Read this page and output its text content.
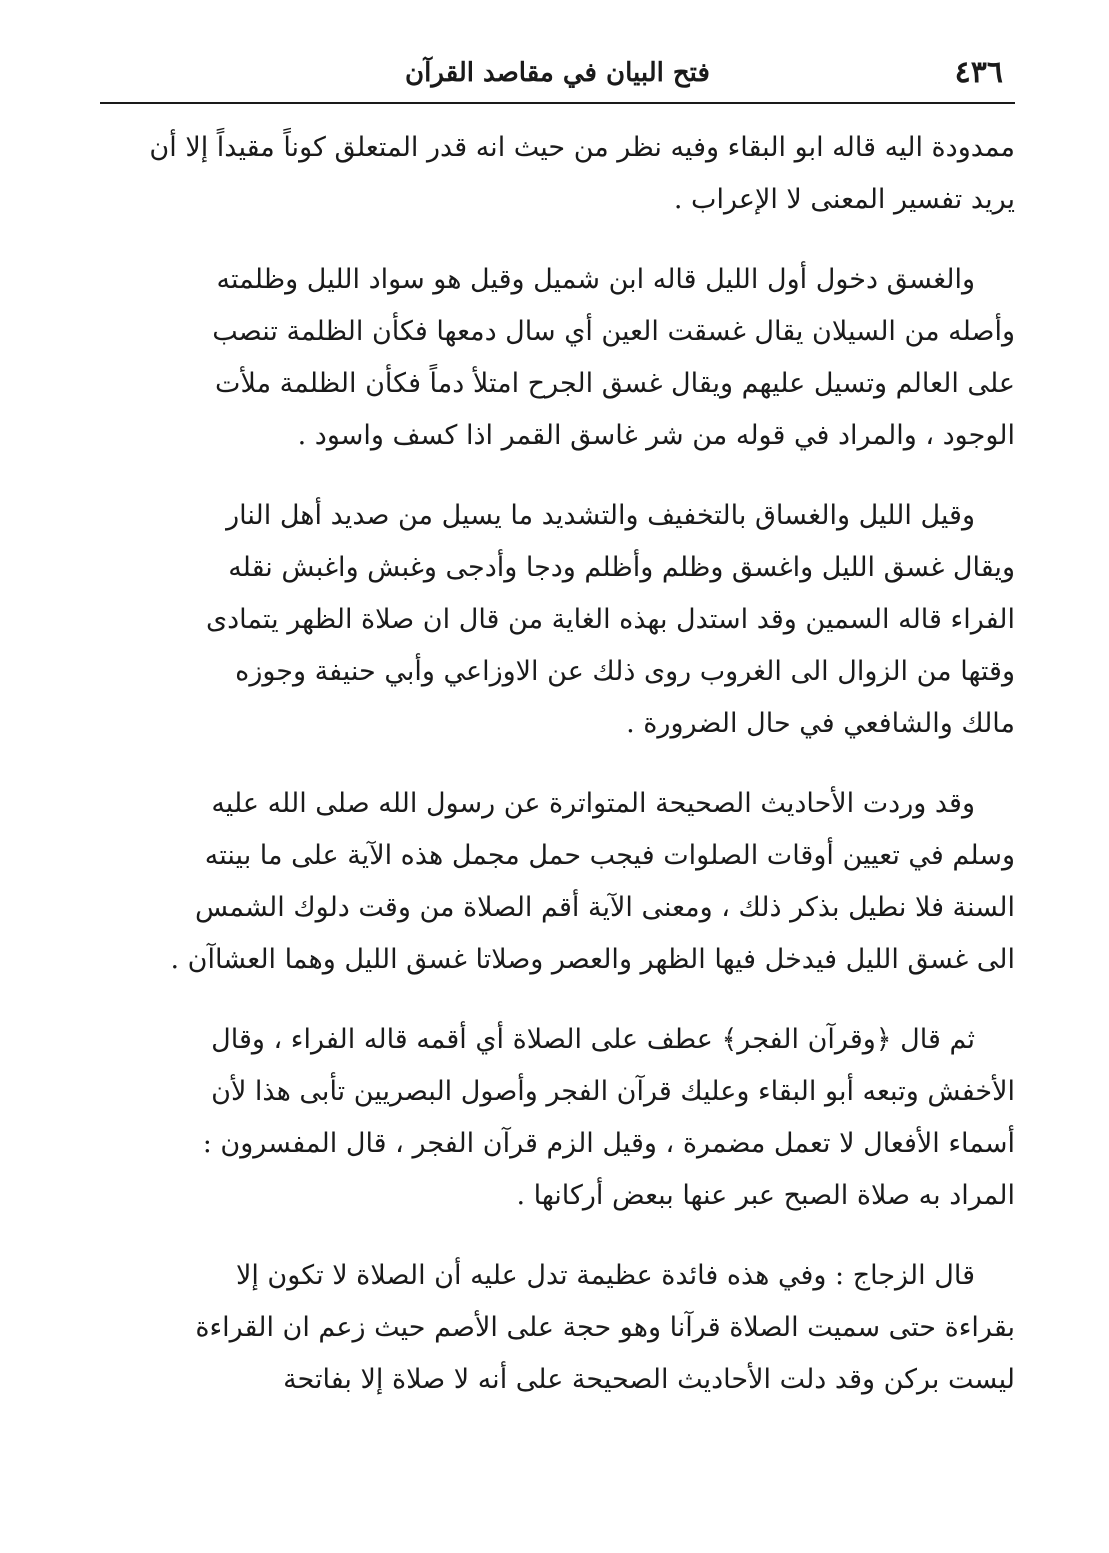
٤٣٦
فتح البيان في مقاصد القرآن
ممدودة اليه قاله ابو البقاء وفيه نظر من حيث انه قدر المتعلق كوناً مقيداً إلا أن
يريد تفسير المعنى لا الإعراب .
والغسق دخول أول الليل قاله ابن شميل وقيل هو سواد الليل وظلمته
وأصله من السيلان يقال غسقت العين أي سال دمعها فكأن الظلمة تنصب
على العالم وتسيل عليهم ويقال غسق الجرح امتلأ دماً فكأن الظلمة ملأت
الوجود ، والمراد في قوله من شر غاسق القمر اذا كسف واسود .
وقيل الليل والغساق بالتخفيف والتشديد ما يسيل من صديد أهل النار
ويقال غسق الليل واغسق وظلم وأظلم ودجا وأدجى وغبش واغبش نقله
الفراء قاله السمين وقد استدل بهذه الغاية من قال ان صلاة الظهر يتمادى
وقتها من الزوال الى الغروب روى ذلك عن الاوزاعي وأبي حنيفة وجوزه
مالك والشافعي في حال الضرورة .
وقد وردت الأحاديث الصحيحة المتواترة عن رسول الله صلى الله عليه
وسلم في تعيين أوقات الصلوات فيجب حمل مجمل هذه الآية على ما بينته
السنة فلا نطيل بذكر ذلك ، ومعنى الآية أقم الصلاة من وقت دلوك الشمس
الى غسق الليل فيدخل فيها الظهر والعصر وصلاتا غسق الليل وهما العشاآن .
ثم قال ﴿وقرآن الفجر﴾ عطف على الصلاة أي أقمه قاله الفراء ، وقال
الأخفش وتبعه أبو البقاء وعليك قرآن الفجر وأصول البصريين تأبى هذا لأن
أسماء الأفعال لا تعمل مضمرة ، وقيل الزم قرآن الفجر ، قال المفسرون :
المراد به صلاة الصبح عبر عنها ببعض أركانها .
قال الزجاج : وفي هذه فائدة عظيمة تدل عليه أن الصلاة لا تكون إلا
بقراءة حتى سميت الصلاة قرآنا وهو حجة على الأصم حيث زعم ان القراءة
ليست بركن وقد دلت الأحاديث الصحيحة على أنه لا صلاة إلا بفاتحة
